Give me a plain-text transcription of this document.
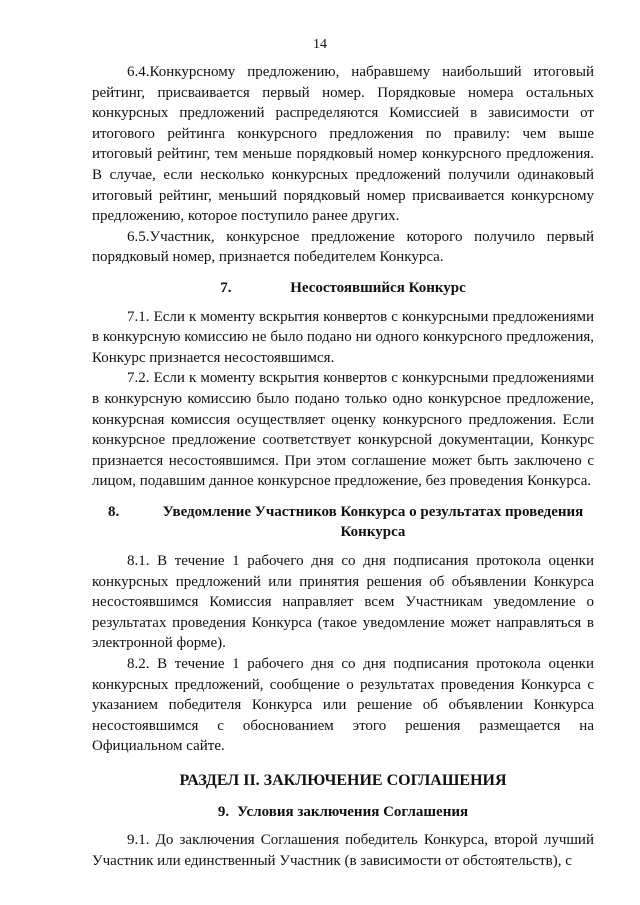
14

6.4.Конкурсному предложению, набравшему наибольший итоговый рейтинг, присваивается первый номер. Порядковые номера остальных конкурсных предложений распределяются Комиссией в зависимости от итогового рейтинга конкурсного предложения по правилу: чем выше итоговый рейтинг, тем меньше порядковый номер конкурсного предложения. В случае, если несколько конкурсных предложений получили одинаковый итоговый рейтинг, меньший порядковый номер присваивается конкурсному предложению, которое поступило ранее других.

6.5.Участник, конкурсное предложение которого получило первый порядковый номер, признается победителем Конкурса.

7.	Несостоявшийся Конкурс

7.1. Если к моменту вскрытия конвертов с конкурсными предложениями в конкурсную комиссию не было подано ни одного конкурсного предложения, Конкурс признается несостоявшимся.

7.2. Если к моменту вскрытия конвертов с конкурсными предложениями в конкурсную комиссию было подано только одно конкурсное предложение, конкурсная комиссия осуществляет оценку конкурсного предложения. Если конкурсное предложение соответствует конкурсной документации, Конкурс признается несостоявшимся. При этом соглашение может быть заключено с лицом, подавшим данное конкурсное предложение, без проведения Конкурса.

8.	Уведомление Участников Конкурса о результатах проведения Конкурса

8.1. В течение 1 рабочего дня со дня подписания протокола оценки конкурсных предложений или принятия решения об объявлении Конкурса несостоявшимся Комиссия направляет всем Участникам уведомление о результатах проведения Конкурса (такое уведомление может направляться в электронной форме).

8.2. В течение 1 рабочего дня со дня подписания протокола оценки конкурсных предложений, сообщение о результатах проведения Конкурса с указанием победителя Конкурса или решение об объявлении Конкурса несостоявшимся с обоснованием этого решения размещается на Официальном сайте.

РАЗДЕЛ II. ЗАКЛЮЧЕНИЕ СОГЛАШЕНИЯ

9. Условия заключения Соглашения

9.1. До заключения Соглашения победитель Конкурса, второй лучший Участник или единственный Участник (в зависимости от обстоятельств), с
